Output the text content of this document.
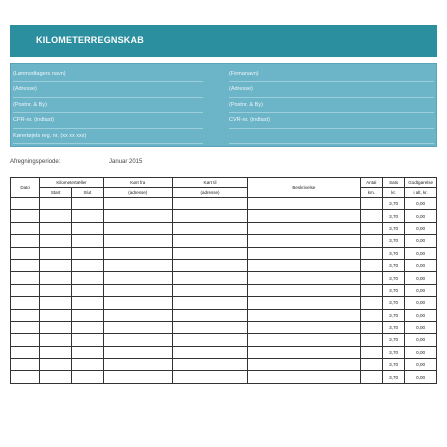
KILOMETERREGNSKAB
(Lønmodtagers navn)
(Adresse)
(Postnr. & By)
CPR-nr. (indtast)
Kørertøjets reg. nr. (xx xx xxx)
(Firmanavn)
(Adresse)
(Postnr. & By)
CVR-nr. (indtast)
Afregningsperiode:	Januar 2015
Dato	Kilometertæller		Kørt fra	Kørt til	Beskrivelse	Antal	Sats	Godtgørelse
	Start	Slut	(adresse)	(adresse)		km.	kr.	i alt, kr.
							3,70	0,00
							3,70	0,00
							3,70	0,00
							3,70	0,00
							3,70	0,00
							3,70	0,00
							3,70	0,00
							3,70	0,00
							3,70	0,00
							3,70	0,00
							3,70	0,00
							3,70	0,00
							3,70	0,00
							3,70	0,00
							3,70	0,00
